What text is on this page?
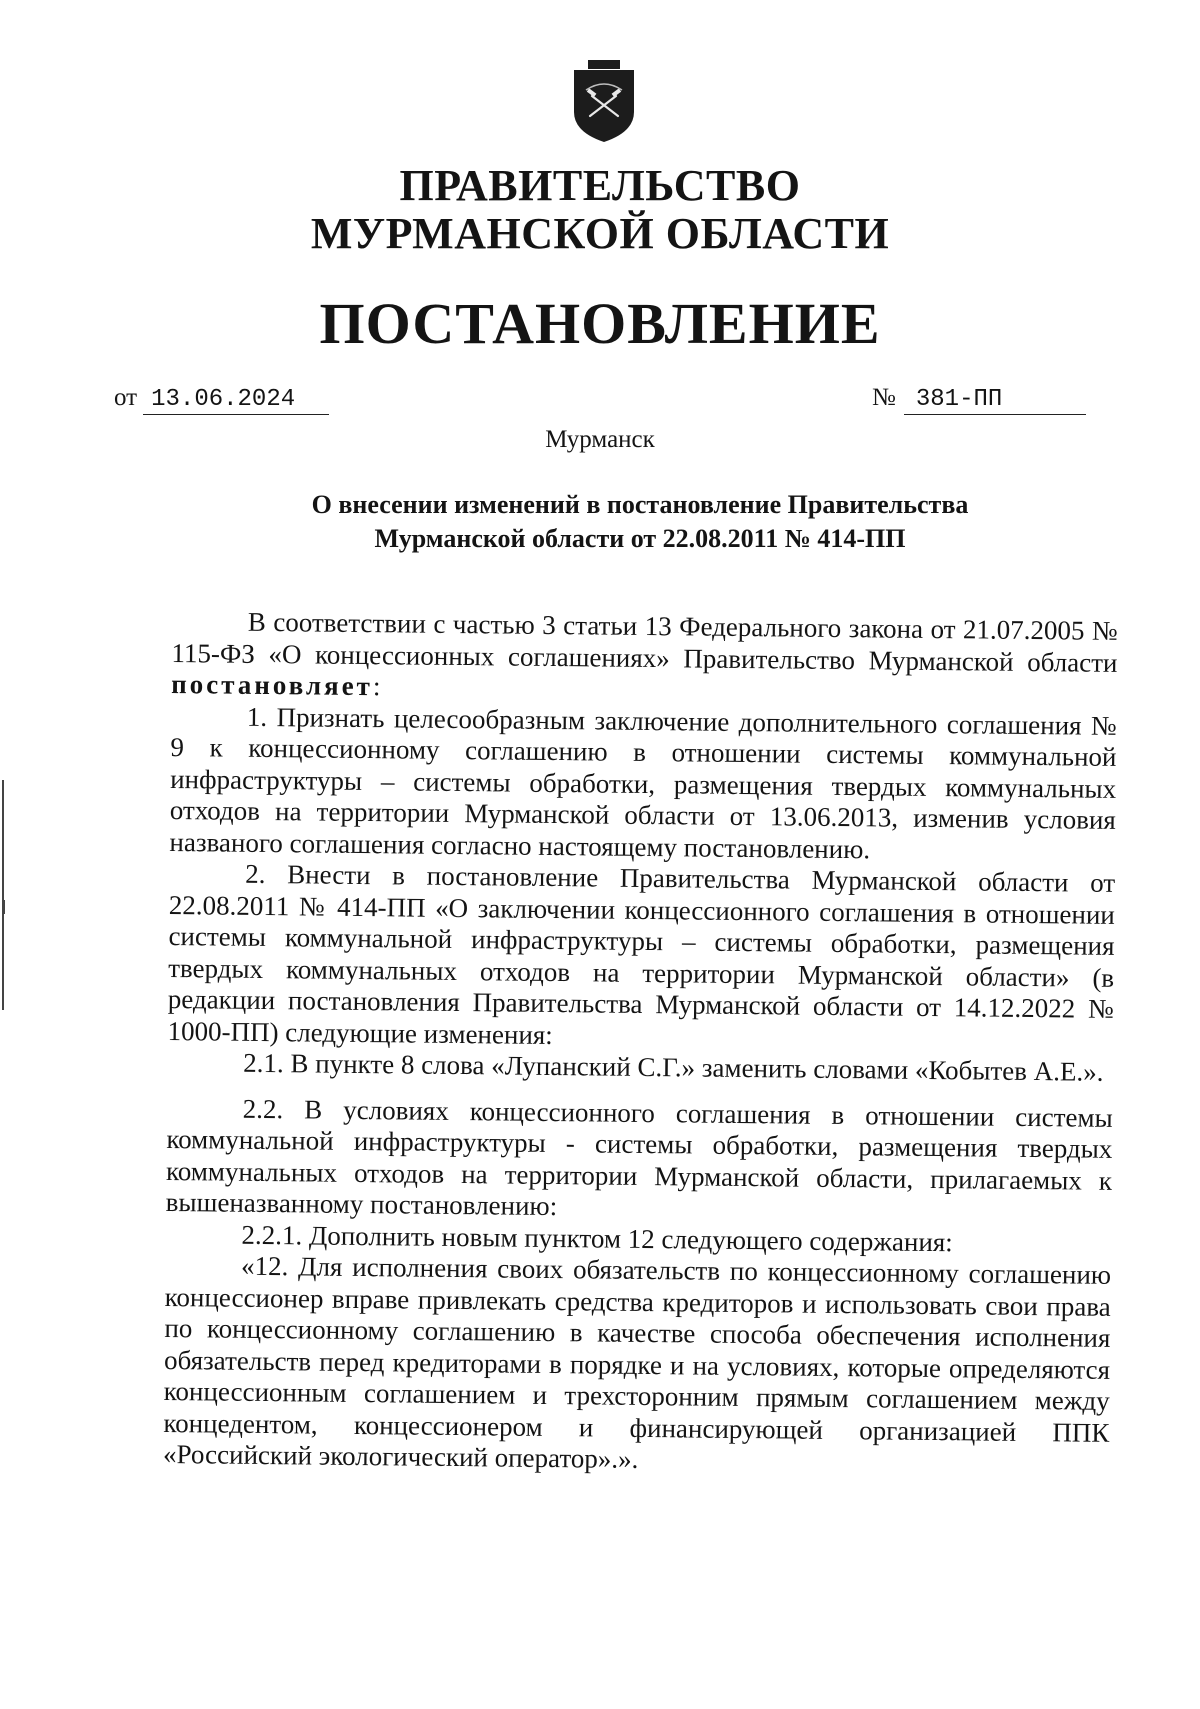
ПРАВИТЕЛЬСТВО
МУРМАНСКОЙ ОБЛАСТИ
ПОСТАНОВЛЕНИЕ
от 13.06.2024	№ 381-ПП
Мурманск
О внесении изменений в постановление Правительства
Мурманской области от 22.08.2011 № 414-ПП

В соответствии с частью 3 статьи 13 Федерального закона от 21.07.2005 № 115-ФЗ «О концессионных соглашениях» Правительство Мурманской области постановляет:

1. Признать целесообразным заключение дополнительного соглашения № 9 к концессионному соглашению в отношении системы коммунальной инфраструктуры – системы обработки, размещения твердых коммунальных отходов на территории Мурманской области от 13.06.2013, изменив условия названого соглашения согласно настоящему постановлению.

2. Внести в постановление Правительства Мурманской области от 22.08.2011 № 414-ПП «О заключении концессионного соглашения в отношении системы коммунальной инфраструктуры – системы обработки, размещения твердых коммунальных отходов на территории Мурманской области» (в редакции постановления Правительства Мурманской области от 14.12.2022 № 1000-ПП) следующие изменения:

2.1. В пункте 8 слова «Лупанский С.Г.» заменить словами «Кобытев А.Е.».

2.2. В условиях концессионного соглашения в отношении системы коммунальной инфраструктуры - системы обработки, размещения твердых коммунальных отходов на территории Мурманской области, прилагаемых к вышеназванному постановлению:

2.2.1. Дополнить новым пунктом 12 следующего содержания:

«12. Для исполнения своих обязательств по концессионному соглашению концессионер вправе привлекать средства кредиторов и использовать свои права по концессионному соглашению в качестве способа обеспечения исполнения обязательств перед кредиторами в порядке и на условиях, которые определяются концессионным соглашением и трехсторонним прямым соглашением между концедентом, концессионером и финансирующей организацией ППК «Российский экологический оператор».».
